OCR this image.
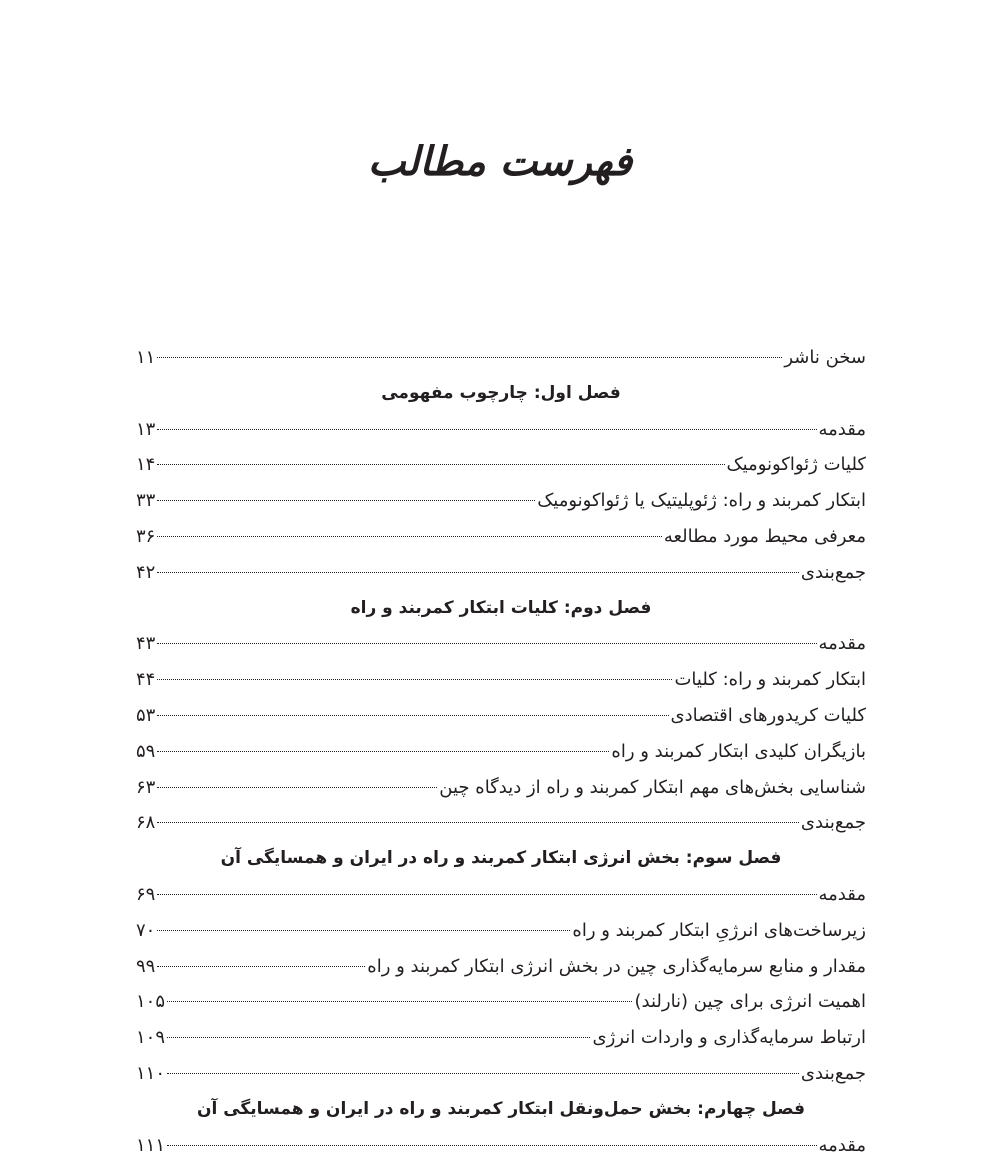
فهرست مطالب
سخن ناشر
۱۱
فصل اول: چارچوب مفهومی
مقدمه
۱۳
کلیات ژئواکونومیک
۱۴
ابتکار کمربند و راه: ژئوپلیتیک یا ژئواکونومیک
۳۳
معرفی محیط مورد مطالعه
۳۶
جمع‌بندی
۴۲
فصل دوم: کلیات ابتکار کمربند و راه
مقدمه
۴۳
ابتکار کمربند و راه: کلیات
۴۴
کلیات کریدورهای اقتصادی
۵۳
بازیگران کلیدی ابتکار کمربند و راه
۵۹
شناسایی بخش‌های مهم ابتکار کمربند و راه از دیدگاه چین
۶۳
جمع‌بندی
۶۸
فصل سوم: بخش انرژی ابتکار کمربند و راه در ایران و همسایگی آن
مقدمه
۶۹
زیرساخت‌های انرژیِ ابتکار کمربند و راه
۷۰
مقدار و منابع سرمایه‌گذاری چین در بخش انرژی ابتکار کمربند و راه
۹۹
اهمیت انرژی برای چین (نارلند)
۱۰۵
ارتباط سرمایه‌گذاری و واردات انرژی
۱۰۹
جمع‌بندی
۱۱۰
فصل چهارم: بخش حمل‌ونقل ابتکار کمربند و راه در ایران و همسایگی آن
مقدمه
۱۱۱
